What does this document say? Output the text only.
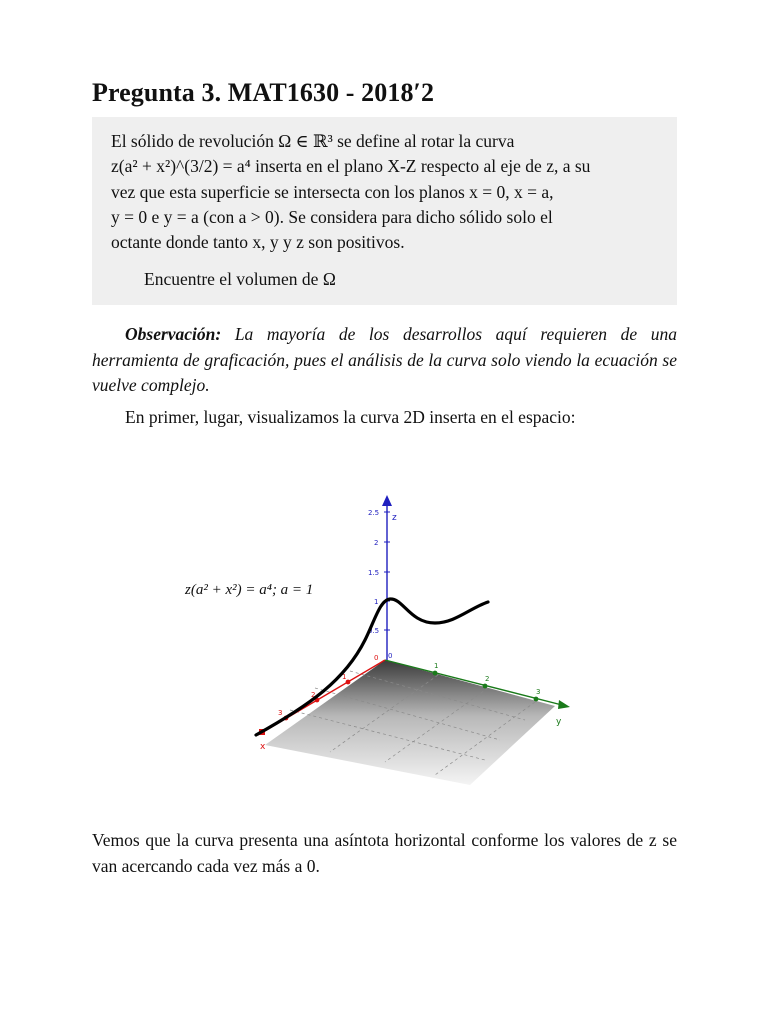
Pregunta 3. MAT1630 - 2018′2
El sólido de revolución Ω ∈ ℝ³ se define al rotar la curva
z(a² + x²)^(3/2) = a⁴ inserta en el plano X-Z respecto al eje de z, a su
vez que esta superficie se intersecta con los planos x = 0, x = a,
y = 0 e y = a (con a > 0). Se considera para dicho sólido solo el
octante donde tanto x, y y z son positivos.
Encuentre el volumen de Ω
Observación: La mayoría de los desarrollos aquí requieren de una herramienta de graficación, pues el análisis de la curva solo viendo la ecuación se vuelve complejo.
En primer, lugar, visualizamos la curva 2D inserta en el espacio:
1
2
3
x
1
2
3
y
2.5
2
1.5
1
0.5
0
0
z
z(a² + x²) = a⁴; a = 1
Vemos que la curva presenta una asíntota horizontal conforme los valores de z se van acercando cada vez más a 0.
